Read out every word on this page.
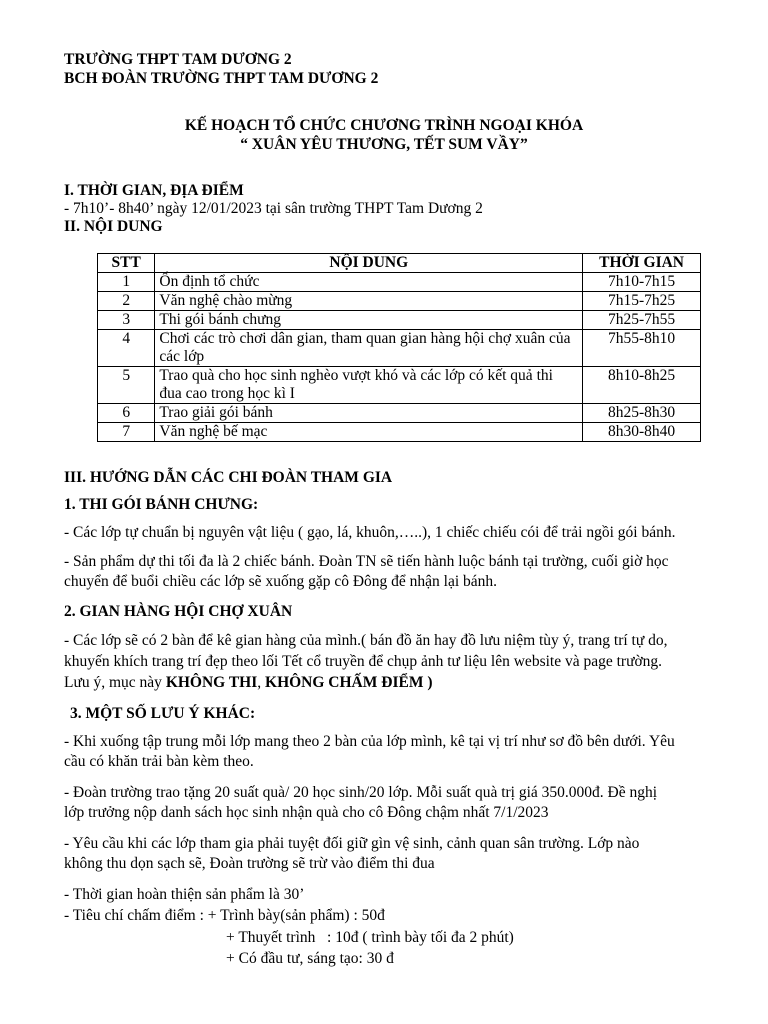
TRƯỜNG THPT TAM DƯƠNG 2
BCH ĐOÀN TRƯỜNG THPT TAM DƯƠNG 2
KẾ HOẠCH TỔ CHỨC CHƯƠNG TRÌNH NGOẠI KHÓA
“ XUÂN YÊU THƯƠNG, TẾT SUM VẦY”
I. THỜI GIAN, ĐỊA ĐIỂM
- 7h10’- 8h40’ ngày 12/01/2023 tại sân trường THPT Tam Dương 2
II. NỘI DUNG
STT	NỘI DUNG	THỜI GIAN
1	Ổn định tổ chức	7h10-7h15
2	Văn nghệ chào mừng	7h15-7h25
3	Thi gói bánh chưng	7h25-7h55
4	Chơi các trò chơi dân gian, tham quan gian hàng hội chợ xuân của các lớp	7h55-8h10
5	Trao quà cho học sinh nghèo vượt khó và các lớp có kết quả thi đua cao trong học kì I	8h10-8h25
6	Trao giải gói bánh	8h25-8h30
7	Văn nghệ bế mạc	8h30-8h40
III. HƯỚNG DẪN CÁC CHI ĐOÀN THAM GIA
1. THI GÓI BÁNH CHƯNG:
- Các lớp tự chuẩn bị nguyên vật liệu ( gạo, lá, khuôn,…..), 1 chiếc chiếu cói để trải ngồi gói bánh.
- Sản phẩm dự thi tối đa là 2 chiếc bánh. Đoàn TN sẽ tiến hành luộc bánh tại trường, cuối giờ học
chuyển để buổi chiều các lớp sẽ xuống gặp cô Đông để nhận lại bánh.
2. GIAN HÀNG HỘI CHỢ XUÂN
- Các lớp sẽ có 2 bàn để kê gian hàng của mình.( bán đồ ăn hay đồ lưu niệm tùy ý, trang trí tự do,
khuyến khích trang trí đẹp theo lối Tết cổ truyền để chụp ảnh tư liệu lên website và page trường.
Lưu ý, mục này KHÔNG THI, KHÔNG CHẤM ĐIỂM )
3. MỘT SỐ LƯU Ý KHÁC:
- Khi xuống tập trung mỗi lớp mang theo 2 bàn của lớp mình, kê tại vị trí như sơ đồ bên dưới. Yêu
cầu có khăn trải bàn kèm theo.
- Đoàn trường trao tặng 20 suất quà/ 20 học sinh/20 lớp. Mỗi suất quà trị giá 350.000đ. Đề nghị
lớp trưởng nộp danh sách học sinh nhận quà cho cô Đông chậm nhất 7/1/2023
- Yêu cầu khi các lớp tham gia phải tuyệt đối giữ gìn vệ sinh, cảnh quan sân trường. Lớp nào
không thu dọn sạch sẽ, Đoàn trường sẽ trừ vào điểm thi đua
- Thời gian hoàn thiện sản phẩm là 30’
- Tiêu chí chấm điểm : + Trình bày(sản phẩm) : 50đ
+ Thuyết trình   : 10đ ( trình bày tối đa 2 phút)
+ Có đầu tư, sáng tạo: 30 đ
